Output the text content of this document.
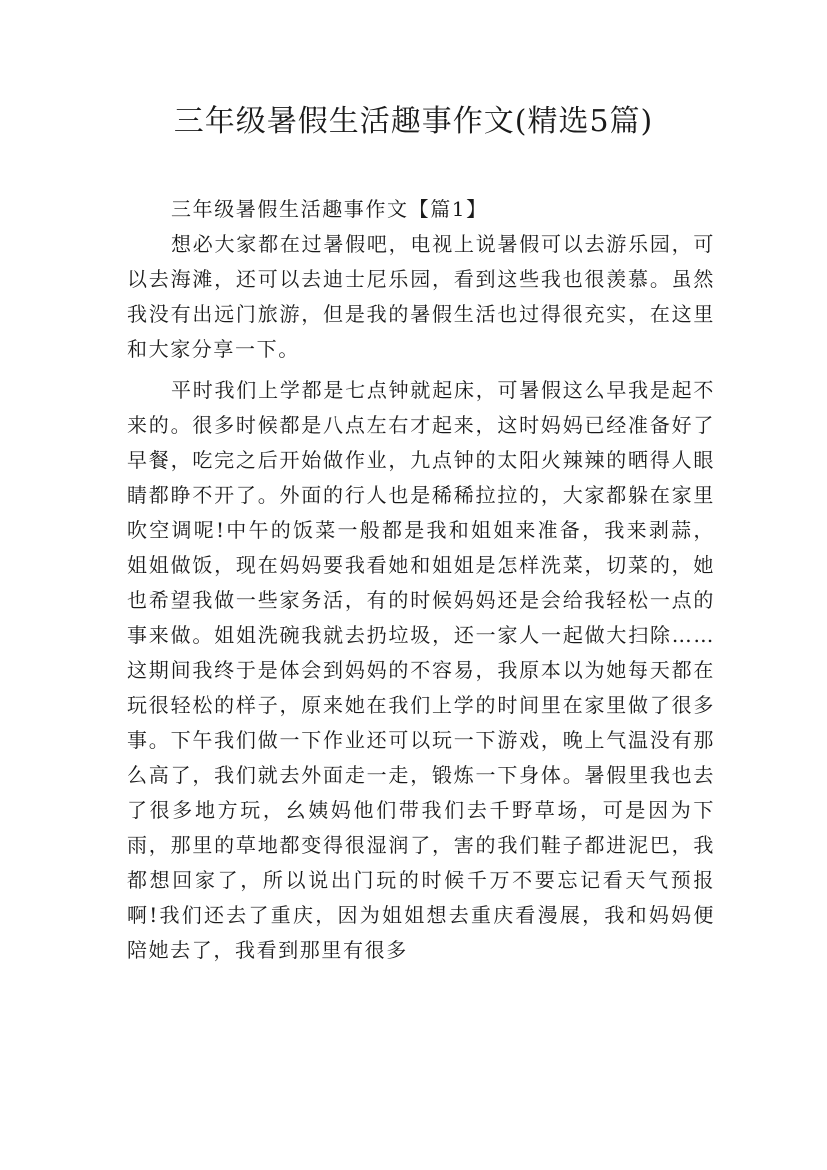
三年级暑假生活趣事作文(精选5篇)
三年级暑假生活趣事作文【篇1】

想必大家都在过暑假吧，电视上说暑假可以去游乐园，可以去海滩，还可以去迪士尼乐园，看到这些我也很羡慕。虽然我没有出远门旅游，但是我的暑假生活也过得很充实，在这里和大家分享一下。

平时我们上学都是七点钟就起床，可暑假这么早我是起不来的。很多时候都是八点左右才起来，这时妈妈已经准备好了早餐，吃完之后开始做作业，九点钟的太阳火辣辣的晒得人眼睛都睁不开了。外面的行人也是稀稀拉拉的，大家都躲在家里吹空调呢!中午的饭菜一般都是我和姐姐来准备，我来剥蒜，姐姐做饭，现在妈妈要我看她和姐姐是怎样洗菜，切菜的，她也希望我做一些家务活，有的时候妈妈还是会给我轻松一点的事来做。姐姐洗碗我就去扔垃圾，还一家人一起做大扫除……这期间我终于是体会到妈妈的不容易，我原本以为她每天都在玩很轻松的样子，原来她在我们上学的时间里在家里做了很多事。下午我们做一下作业还可以玩一下游戏，晚上气温没有那么高了，我们就去外面走一走，锻炼一下身体。暑假里我也去了很多地方玩，幺姨妈他们带我们去千野草场，可是因为下雨，那里的草地都变得很湿润了，害的我们鞋子都进泥巴，我都想回家了，所以说出门玩的时候千万不要忘记看天气预报啊!我们还去了重庆，因为姐姐想去重庆看漫展，我和妈妈便陪她去了，我看到那里有很多
